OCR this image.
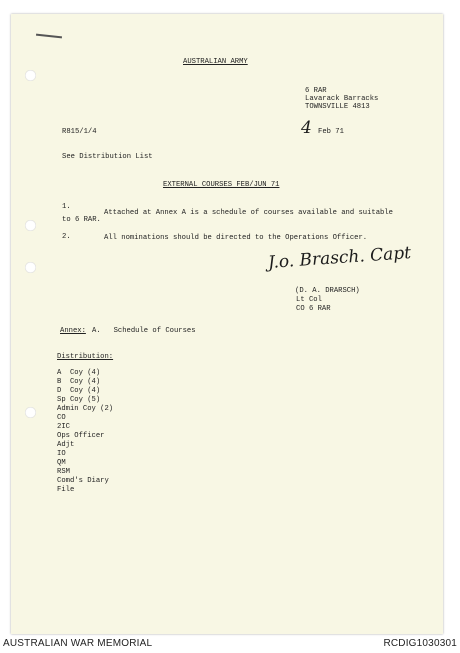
AUSTRALIAN ARMY
6 RAR
Lavarack Barracks
TOWNSVILLE 4813
R815/1/4	4 Feb 71
See Distribution List
EXTERNAL COURSES FEB/JUN 71
1.
Attached at Annex A is a schedule of courses available and suitable
to 6 RAR.
2.	All nominations should be directed to the Operations Officer.
J.o. Brasch. Capt
(D. A. DRARSCH)
Lt Col
CO 6 RAR
Annex: A.   Schedule of Courses
Distribution:
A  Coy (4)
B  Coy (4)
D  Coy (4)
Sp Coy (5)
Admin Coy (2)
CO
2IC
Ops Officer
Adjt
IO
QM
RSM
Comd's Diary
File
AUSTRALIAN WAR MEMORIAL	RCDIG1030301
